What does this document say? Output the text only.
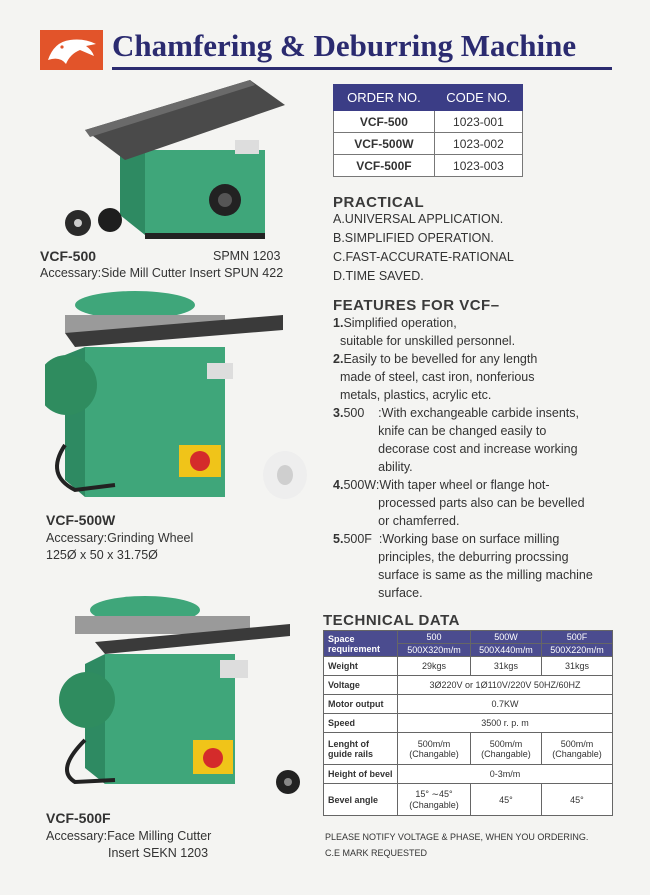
Chamfering & Deburring Machine
ORDER NO.	CODE NO.
VCF-500	1023-001
VCF-500W	1023-002
VCF-500F	1023-003
PRACTICAL
A.UNIVERSAL APPLICATION.
B.SIMPLIFIED OPERATION.
C.FAST-ACCURATE-RATIONAL
D.TIME SAVED.
FEATURES FOR VCF–
1.Simplified operation,
suitable for unskilled personnel.
2.Easily to be bevelled for any length
made of steel, cast iron, nonferious
metals, plastics, acrylic etc.
3.500    :With exchangeable carbide insents,
knife can be changed easily to
decorase cost and increase working
ability.
4.500W:With taper wheel or flange hot-
processed parts also can be bevelled
or chamferred.
5.500F  :Working base on surface milling
principles, the deburring procssing
surface is same as the milling machine
surface.
VCF-500	SPMN 1203
Accessary:Side Mill Cutter Insert SPUN 422
VCF-500W
Accessary:Grinding Wheel
125Ø x 50 x 31.75Ø
VCF-500F
Accessary:Face Milling Cutter
Insert SEKN 1203
TECHNICAL DATA
Space requirement	500	500W	500F
	500X320m/m	500X440m/m	500X220m/m
Weight	29kgs	31kgs	31kgs
Voltage	3Ø220V or 1Ø110V/220V 50HZ/60HZ		
Motor output	0.7KW		
Speed	3500 r. p. m		
Lenght of guide rails	500m/m (Changable)	500m/m (Changable)	500m/m (Changable)
Height of bevel	0-3m/m		
Bevel angle	15° ∼45° (Changable)	45°	45°
PLEASE NOTIFY VOLTAGE & PHASE, WHEN YOU ORDERING.
C.E MARK REQUESTED
